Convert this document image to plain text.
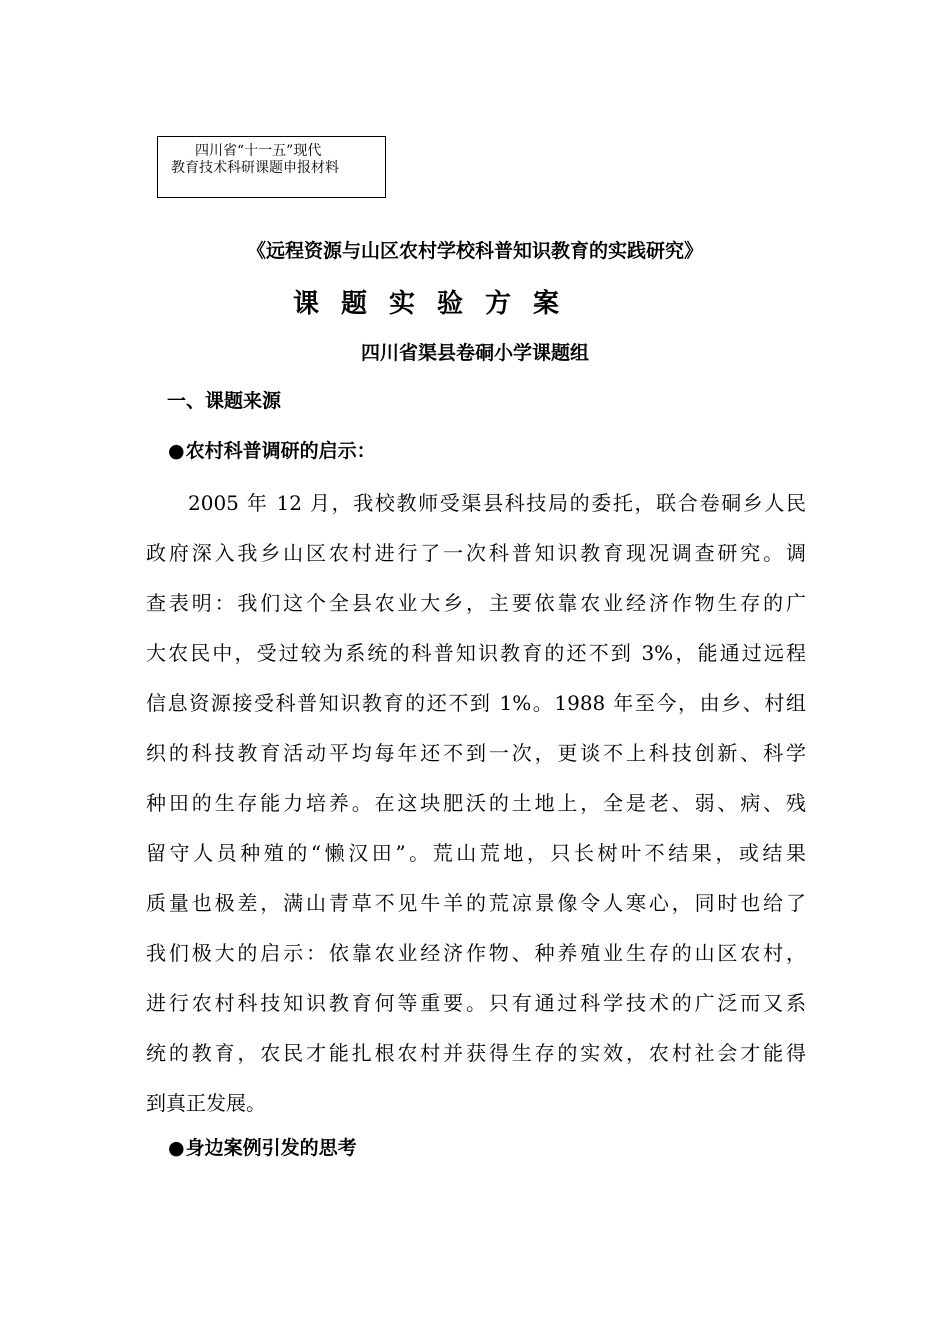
四川省“十一五”现代
教育技术科研课题申报材料
《远程资源与山区农村学校科普知识教育的实践研究》
课题实验方案
四川省渠县卷硐小学课题组
一、课题来源
●农村科普调研的启示：
2005 年 12 月，我校教师受渠县科技局的委托，联合卷硐乡人民
政府深入我乡山区农村进行了一次科普知识教育现况调查研究。调
查表明：我们这个全县农业大乡，主要依靠农业经济作物生存的广
大农民中，受过较为系统的科普知识教育的还不到 3%，能通过远程
信息资源接受科普知识教育的还不到 1%。1988 年至今，由乡、村组
织的科技教育活动平均每年还不到一次，更谈不上科技创新、科学
种田的生存能力培养。在这块肥沃的土地上，全是老、弱、病、残
留守人员种殖的“懒汉田”。荒山荒地，只长树叶不结果，或结果
质量也极差，满山青草不见牛羊的荒凉景像令人寒心，同时也给了
我们极大的启示：依靠农业经济作物、种养殖业生存的山区农村，
进行农村科技知识教育何等重要。只有通过科学技术的广泛而又系
统的教育，农民才能扎根农村并获得生存的实效，农村社会才能得
到真正发展。
●身边案例引发的思考
